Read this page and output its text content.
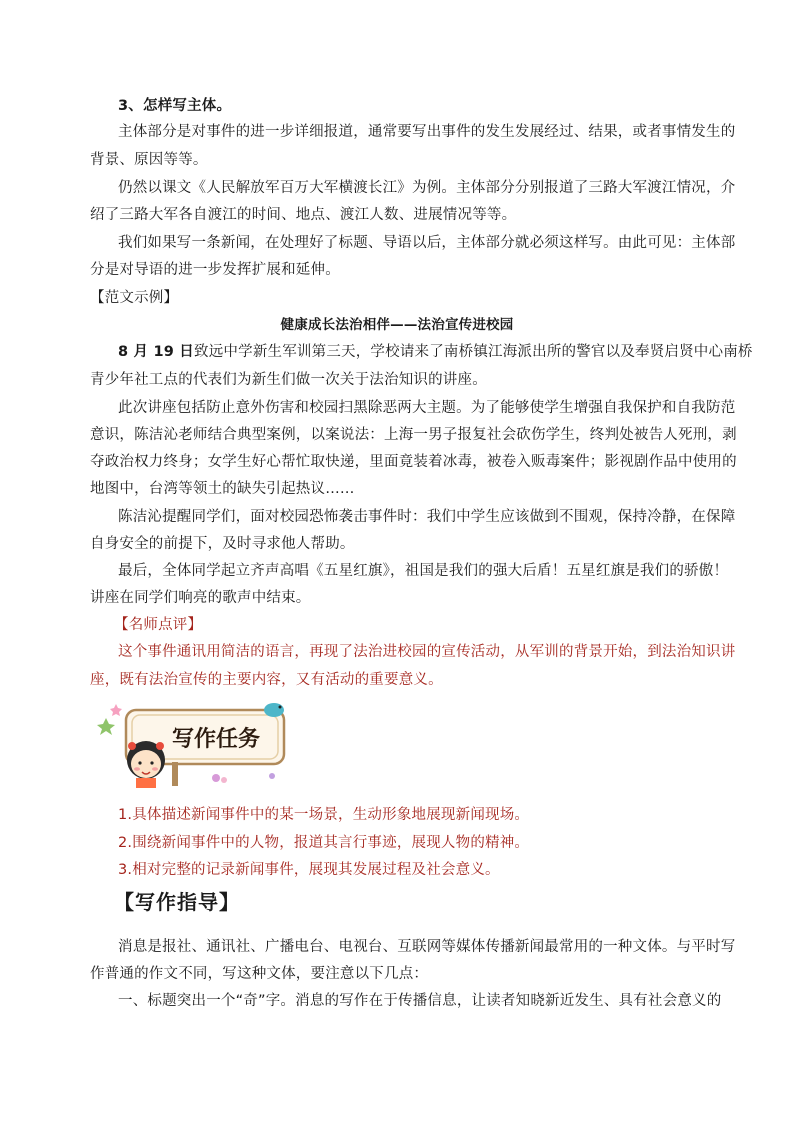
3、怎样写主体。
主体部分是对事件的进一步详细报道，通常要写出事件的发生发展经过、结果，或者事情发生的
背景、原因等等。
仍然以课文《人民解放军百万大军横渡长江》为例。主体部分分别报道了三路大军渡江情况，介
绍了三路大军各自渡江的时间、地点、渡江人数、进展情况等等。
我们如果写一条新闻，在处理好了标题、导语以后，主体部分就必须这样写。由此可见：主体部
分是对导语的进一步发挥扩展和延伸。
【范文示例】
健康成长法治相伴——法治宣传进校园
8 月 19 日致远中学新生军训第三天，学校请来了南桥镇江海派出所的警官以及奉贤启贤中心南桥
青少年社工点的代表们为新生们做一次关于法治知识的讲座。
此次讲座包括防止意外伤害和校园扫黑除恶两大主题。为了能够使学生增强自我保护和自我防范
意识，陈洁沁老师结合典型案例，以案说法：上海一男子报复社会砍伤学生，终判处被告人死刑，剥
夺政治权力终身；女学生好心帮忙取快递，里面竟装着冰毒，被卷入贩毒案件；影视剧作品中使用的
地图中，台湾等领土的缺失引起热议……
陈洁沁提醒同学们，面对校园恐怖袭击事件时：我们中学生应该做到不围观，保持冷静，在保障
自身安全的前提下，及时寻求他人帮助。
最后，全体同学起立齐声高唱《五星红旗》，祖国是我们的强大后盾！五星红旗是我们的骄傲！
讲座在同学们响亮的歌声中结束。
【名师点评】
这个事件通讯用简洁的语言，再现了法治进校园的宣传活动，从军训的背景开始，到法治知识讲
座，既有法治宣传的主要内容，又有活动的重要意义。
写作任务
1.具体描述新闻事件中的某一场景，生动形象地展现新闻现场。
2.围绕新闻事件中的人物，报道其言行事迹，展现人物的精神。
3.相对完整的记录新闻事件，展现其发展过程及社会意义。
【写作指导】
消息是报社、通讯社、广播电台、电视台、互联网等媒体传播新闻最常用的一种文体。与平时写
作普通的作文不同，写这种文体，要注意以下几点：
一、标题突出一个“奇”字。消息的写作在于传播信息，让读者知晓新近发生、具有社会意义的
